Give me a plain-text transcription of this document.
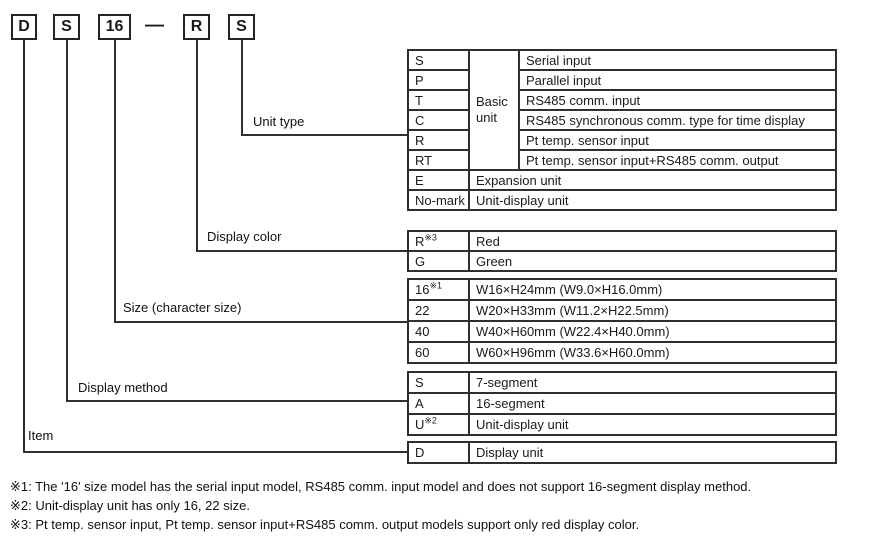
D S 16 — R S
Unit type
Display color
Size (character size)
Display method
Item
S	Basic unit	Serial input
P		Parallel input
T		RS485 comm. input
C		RS485 synchronous comm. type for time display
R		Pt temp. sensor input
RT		Pt temp. sensor input+RS485 comm. output
E	Expansion unit	
No-mark	Unit-display unit	
$R^{※3}$	Red
G	Green
16$^{※1}$	W16×H24mm (W9.0×H16.0mm)
22	W20×H33mm (W11.2×H22.5mm)
40	W40×H60mm (W22.4×H40.0mm)
60	W60×H96mm (W33.6×H60.0mm)
S	7-segment
A	16-segment
$U^{※2}$	Unit-display unit
D	Display unit
※1: The '16' size model has the serial input model, RS485 comm. input model and does not support 16-segment display method.
※2: Unit-display unit has only 16, 22 size.
※3: Pt temp. sensor input, Pt temp. sensor input+RS485 comm. output models support only red display color.
